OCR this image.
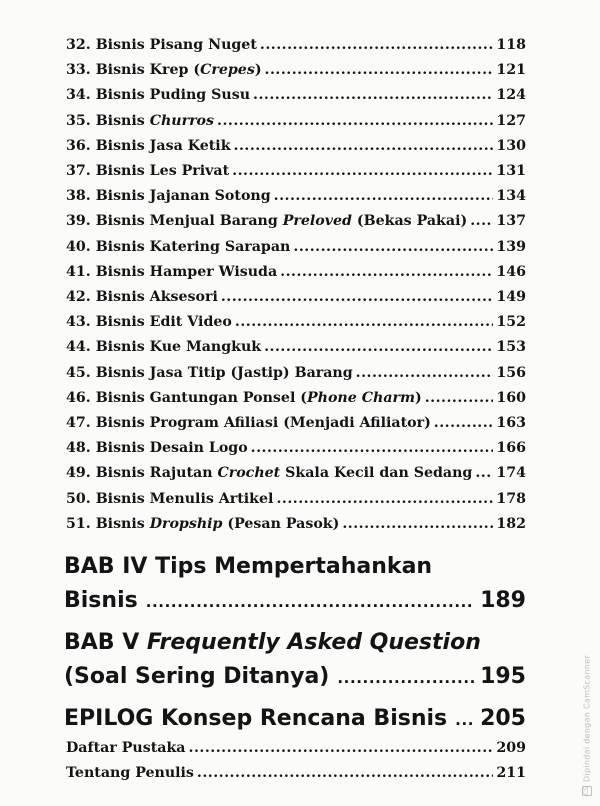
32. Bisnis Pisang Nuget .....	118
33. Bisnis Krep (Crepes) .....	121
34. Bisnis Puding Susu .....	124
35. Bisnis Churros .....	127
36. Bisnis Jasa Ketik .....	130
37. Bisnis Les Privat .....	131
38. Bisnis Jajanan Sotong .....	134
39. Bisnis Menjual Barang Preloved (Bekas Pakai) ..... 137
40. Bisnis Katering Sarapan .....	139
41. Bisnis Hamper Wisuda .....	146
42. Bisnis Aksesori .....	149
43. Bisnis Edit Video .....	152
44. Bisnis Kue Mangkuk .....	153
45. Bisnis Jasa Titip (Jastip) Barang .....	156
46. Bisnis Gantungan Ponsel (Phone Charm) .....	160
47. Bisnis Program Afiliasi (Menjadi Afiliator) .....	163
48. Bisnis Desain Logo .....	166
49. Bisnis Rajutan Crochet Skala Kecil dan Sedang ..... 174
50. Bisnis Menulis Artikel .....	178
51. Bisnis Dropship (Pesan Pasok) .....	182
BAB IV Tips Mempertahankan
Bisnis .....	189
BAB V Frequently Asked Question
(Soal Sering Ditanya) .....	195
EPILOG Konsep Rencana Bisnis ..... 205
Daftar Pustaka .....	209
Tentang Penulis .....	211
CS
Dipindai dengan CamScanner
